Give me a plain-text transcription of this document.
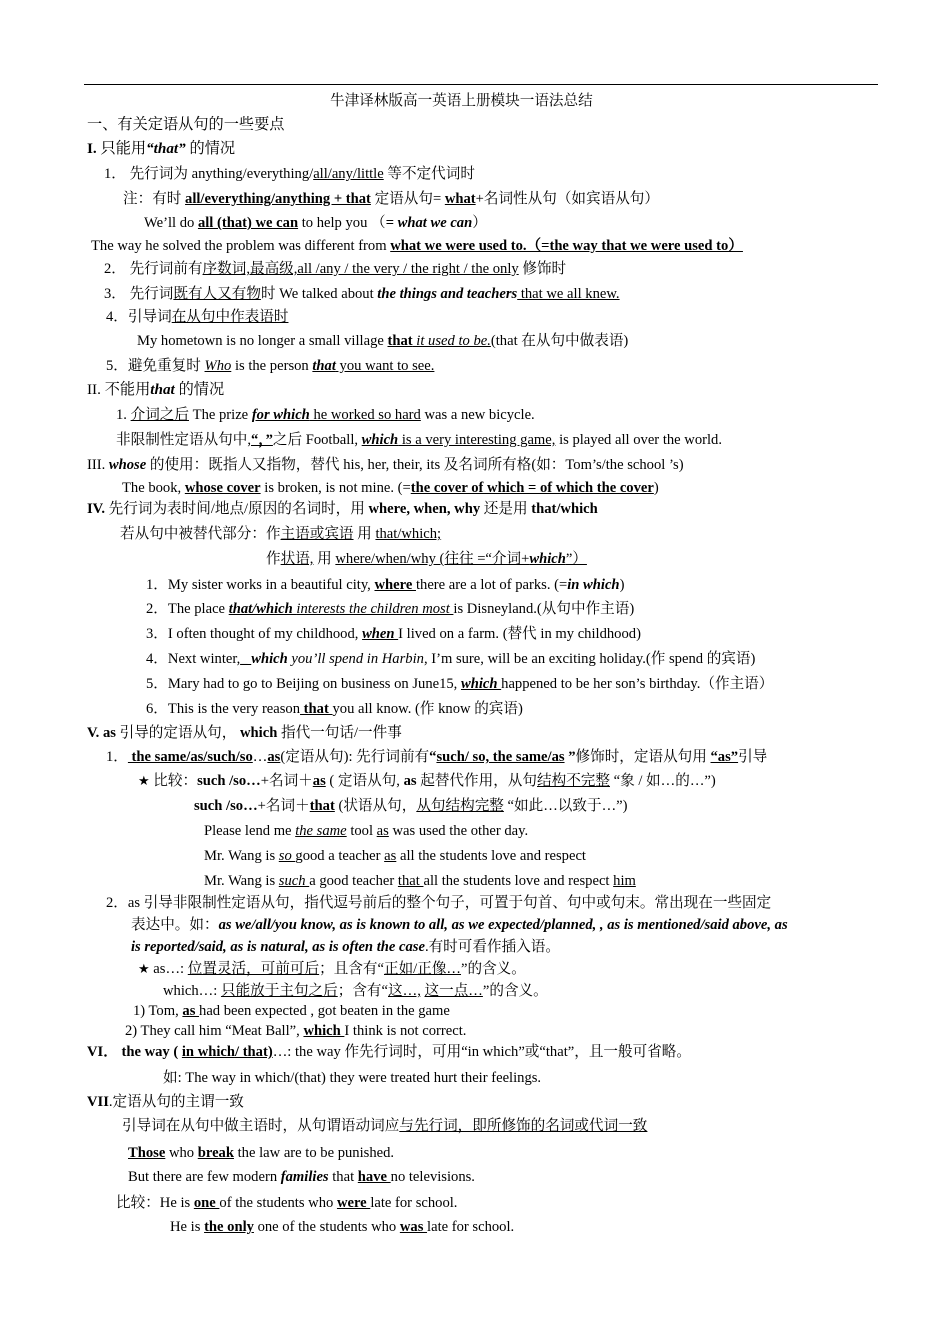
牛津译林版高一英语上册模块一语法总结
一、有关定语从句的一些要点
I. 只能用“that” 的情况
1． 先行词为 anything/everything/all/any/little 等不定代词时
注：有时 all/everything/anything + that 定语从句= what+名词性从句（如宾语从句）
We’ll do all (that) we can to help you （= what we can）
The way he solved the problem was different from what we were used to.（=the way that we were used to）
2． 先行词前有序数词,最高级,all /any / the very / the right / the only 修饰时
3． 先行词既有人又有物时 We talked about the things and teachers that we all knew.
4．引导词在从句中作表语时
My hometown is no longer a small village that it used to be.(that 在从句中做表语)
5．避免重复时 Who is the person that you want to see.
II. 不能用that 的情况
1. 介词之后 The prize for which he worked so hard was a new bicycle.
非限制性定语从句中,“，”之后 Football, which is a very interesting game, is played all over the world.
III. whose 的使用：既指人又指物，替代 his, her, their, its 及名词所有格(如：Tom’s/the school ’s)
The book, whose cover is broken, is not mine. (=the cover of which = of which the cover)
IV. 先行词为表时间/地点/原因的名词时，用 where, when, why 还是用 that/which
若从句中被替代部分：作主语或宾语 用 that/which;
作状语, 用 where/when/why (往往 =“介词+which”）
1．My sister works in a beautiful city, where there are a lot of parks. (=in which)
2．The place that/which interests the children most is Disneyland.(从句中作主语)
3．I often thought of my childhood, when I lived on a farm. (替代 in my childhood)
4．Next winter,_ which you’ll spend in Harbin, I’m sure, will be an exciting holiday.(作 spend 的宾语)
5．Mary had to go to Beijing on business on June15, which happened to be her son’s birthday.（作主语）
6．This is the very reason that you all know. (作 know 的宾语)
V. as 引导的定语从句， which 指代一句话/一件事
1． the same/as/such/so…as(定语从句): 先行词前有“such/ so, the same/as ”修饰时，定语从句用 “as”引导
★ 比较：such /so…+名词＋as ( 定语从句, as 起替代作用，从句结构不完整 “象 / 如…的…”)
such /so…+名词＋that (状语从句，从句结构完整 “如此…以致于…”)
Please lend me the same tool as was used the other day.
Mr. Wang is so good a teacher as all the students love and respect
Mr. Wang is such a good teacher that all the students love and respect him
2．as 引导非限制性定语从句，指代逗号前后的整个句子，可置于句首、句中或句末。常出现在一些固定
表达中。如：as we/all/you know, as is known to all, as we expected/planned, , as is mentioned/said above, as
is reported/said, as is natural, as is often the case.有时可看作插入语。
★ as…: 位置灵活，可前可后；且含有“正如/正像…”的含义。
which…: 只能放于主句之后；含有“这…, 这一点…”的含义。
1) Tom, as had been expected , got beaten in the game
2) They call him “Meat Ball”, which I think is not correct.
VI． the way ( in which/ that)…: the way 作先行词时，可用“in which”或“that”，且一般可省略。
如: The way in which/(that) they were treated hurt their feelings.
VII.定语从句的主谓一致
引导词在从句中做主语时，从句谓语动词应与先行词，即所修饰的名词或代词一致
Those who break the law are to be punished.
But there are few modern families that have no televisions.
比较：He is one of the students who were late for school.
He is the only one of the students who was late for school.
